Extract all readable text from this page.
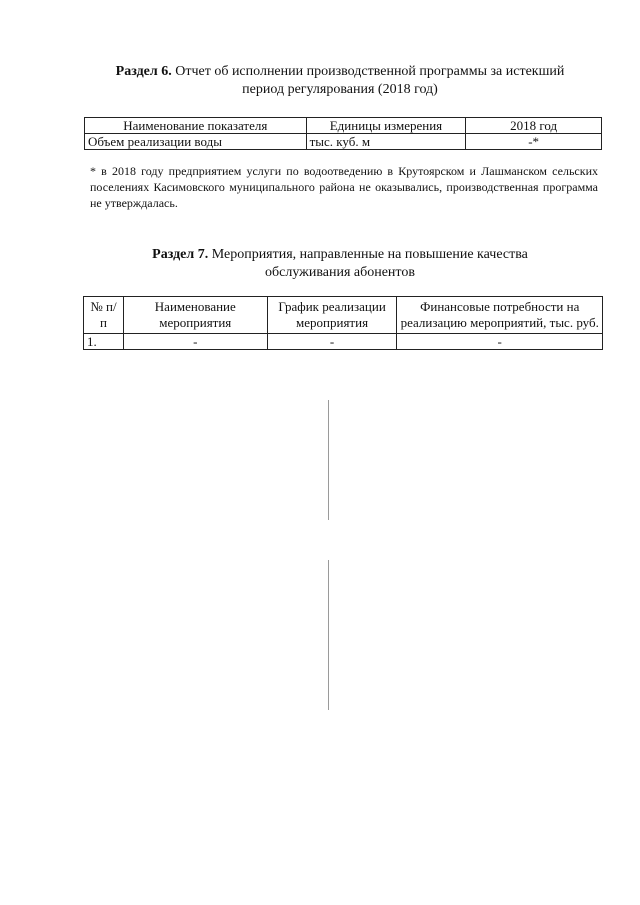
Раздел 6. Отчет об исполнении производственной программы за истекший
период регулярования (2018 год)
Наименование показателя	Единицы измерения	2018 год
Объем реализации воды	тыс. куб. м	-*
* в 2018 году предприятием услуги по водоотведению в Крутоярском и Лашманском сельских поселениях Касимовского муниципального района не оказывались, производственная программа не утверждалась.
Раздел 7. Мероприятия, направленные на повышение качества
обслуживания абонентов
№ п/п	Наименование мероприятия	График реализации мероприятия	Финансовые потребности на реализацию мероприятий, тыс. руб.
1.	-	-	-
